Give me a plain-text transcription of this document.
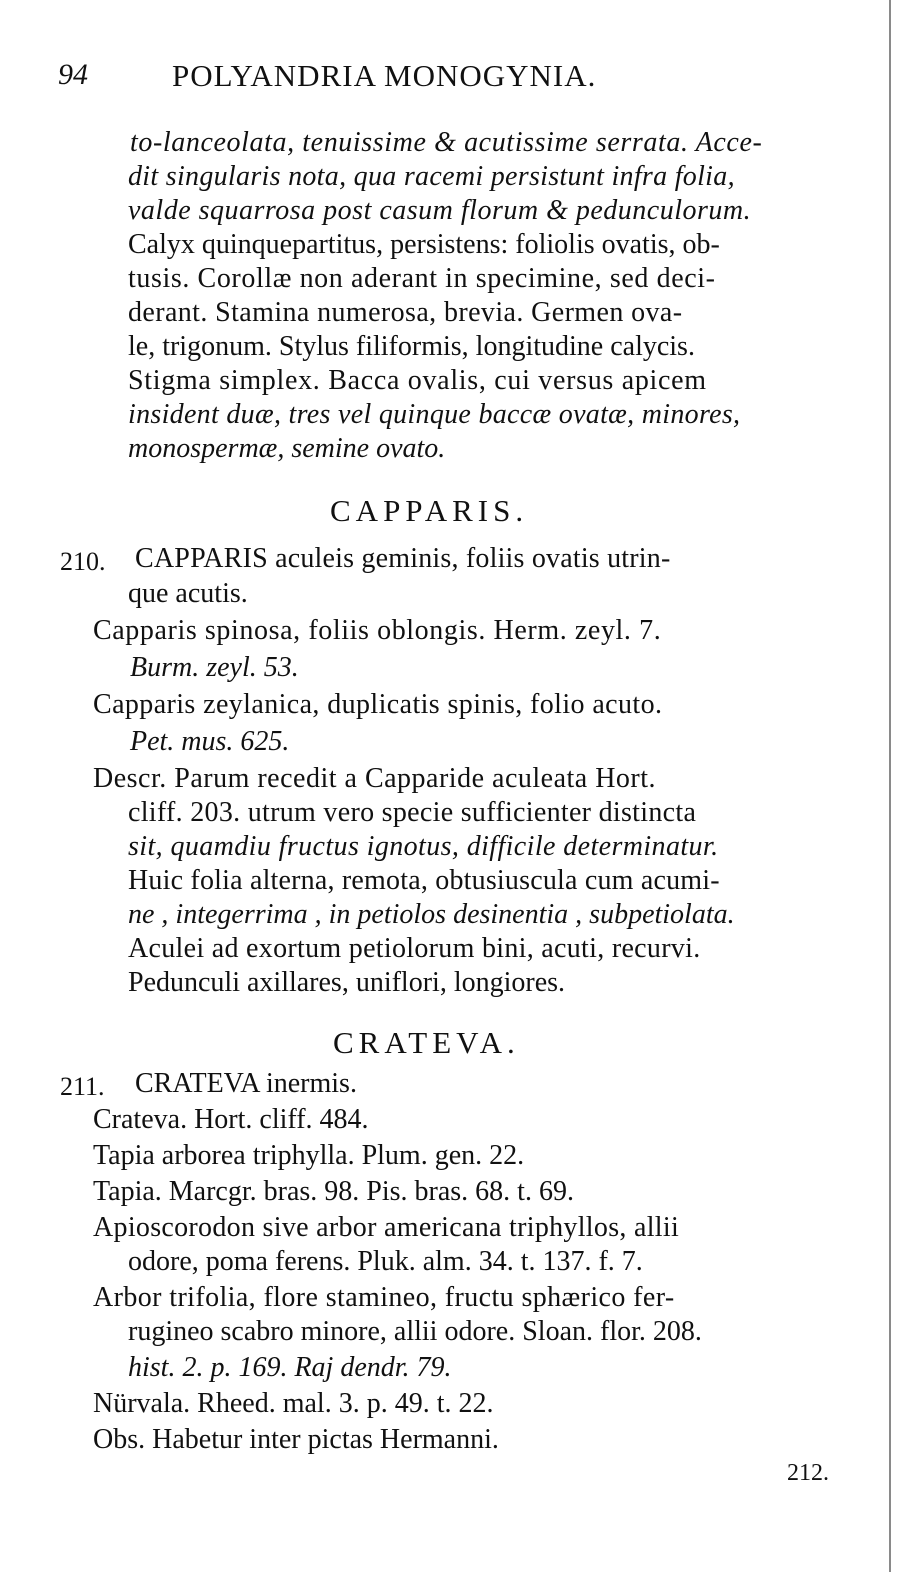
94	POLYANDRIA MONOGYNIA.
to-lanceolata, tenuissime & acutissime serrata. Acce-
dit singularis nota, qua racemi persistunt infra folia,
valde squarrosa post casum florum & pedunculorum.
Calyx quinquepartitus, persistens: foliolis ovatis, ob-
tusis. Corollæ non aderant in specimine, sed deci-
derant. Stamina numerosa, brevia. Germen ova-
le, trigonum. Stylus filiformis, longitudine calycis.
Stigma simplex. Bacca ovalis, cui versus apicem
insident duæ, tres vel quinque baccæ ovatæ, minores,
monospermæ, semine ovato.
CAPPARIS.
210. CAPPARIS aculeis geminis, foliis ovatis utrin-
que acutis.
Capparis spinosa, foliis oblongis. Herm. zeyl. 7.
Burm. zeyl. 53.
Capparis zeylanica, duplicatis spinis, folio acuto.
Pet. mus. 625.
Descr. Parum recedit a Capparide aculeata Hort.
cliff. 203. utrum vero specie sufficienter distincta
sit, quamdiu fructus ignotus, difficile determinatur.
Huic folia alterna, remota, obtusiuscula cum acumi-
ne , integerrima , in petiolos desinentia , subpetiolata.
Aculei ad exortum petiolorum bini, acuti, recurvi.
Pedunculi axillares, uniflori, longiores.
CRATEVA.
211. CRATEVA inermis.
Crateva. Hort. cliff. 484.
Tapia arborea triphylla. Plum. gen. 22.
Tapia. Marcgr. bras. 98. Pis. bras. 68. t. 69.
Apioscorodon sive arbor americana triphyllos, allii
odore, poma ferens. Pluk. alm. 34. t. 137. f. 7.
Arbor trifolia, flore stamineo, fructu sphærico fer-
rugineo scabro minore, allii odore. Sloan. flor. 208.
hist. 2. p. 169. Raj dendr. 79.
Nürvala. Rheed. mal. 3. p. 49. t. 22.
Obs. Habetur inter pictas Hermanni.
212.
